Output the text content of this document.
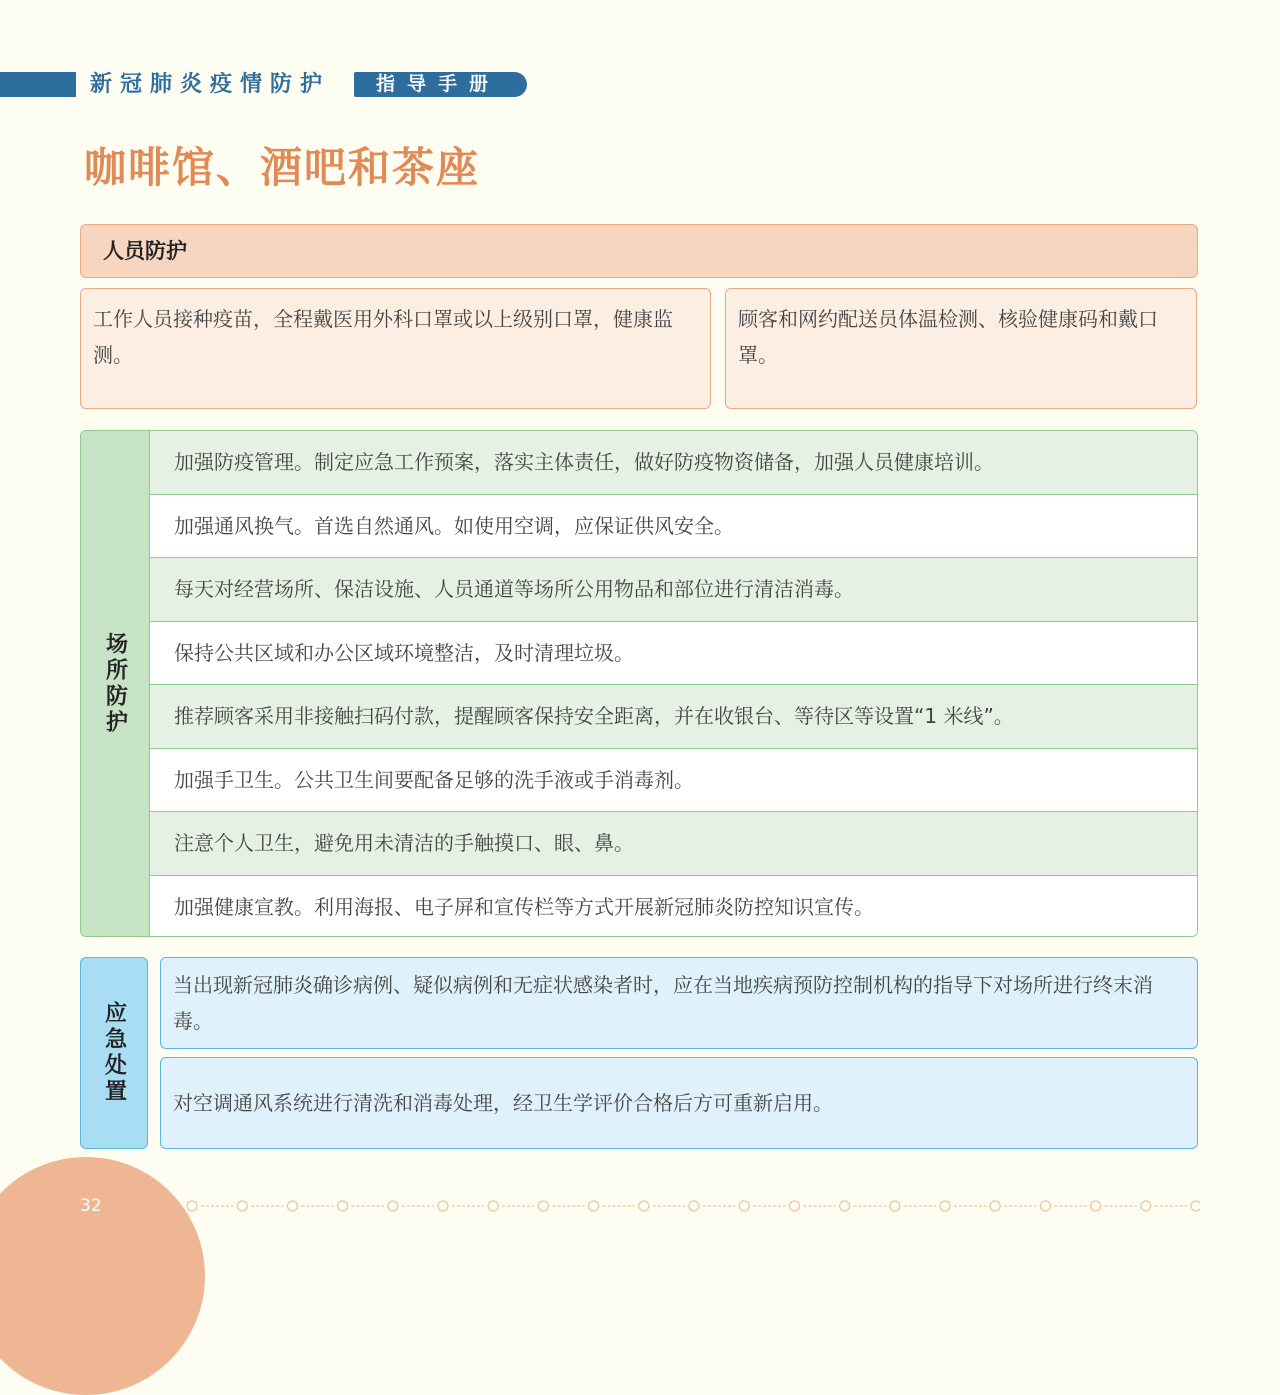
新冠肺炎疫情防护	指导手册
咖啡馆、酒吧和茶座
人员防护
工作人员接种疫苗，全程戴医用外科口罩或以上级别口罩，健康监测。
顾客和网约配送员体温检测、核验健康码和戴口罩。
场所防护
加强防疫管理。制定应急工作预案，落实主体责任，做好防疫物资储备，加强人员健康培训。
加强通风换气。首选自然通风。如使用空调，应保证供风安全。
每天对经营场所、保洁设施、人员通道等场所公用物品和部位进行清洁消毒。
保持公共区域和办公区域环境整洁，及时清理垃圾。
推荐顾客采用非接触扫码付款，提醒顾客保持安全距离，并在收银台、等待区等设置“1 米线”。
加强手卫生。公共卫生间要配备足够的洗手液或手消毒剂。
注意个人卫生，避免用未清洁的手触摸口、眼、鼻。
加强健康宣教。利用海报、电子屏和宣传栏等方式开展新冠肺炎防控知识宣传。
应急处置
当出现新冠肺炎确诊病例、疑似病例和无症状感染者时，应在当地疾病预防控制机构的指导下对场所进行终末消毒。
对空调通风系统进行清洗和消毒处理，经卫生学评价合格后方可重新启用。
32
